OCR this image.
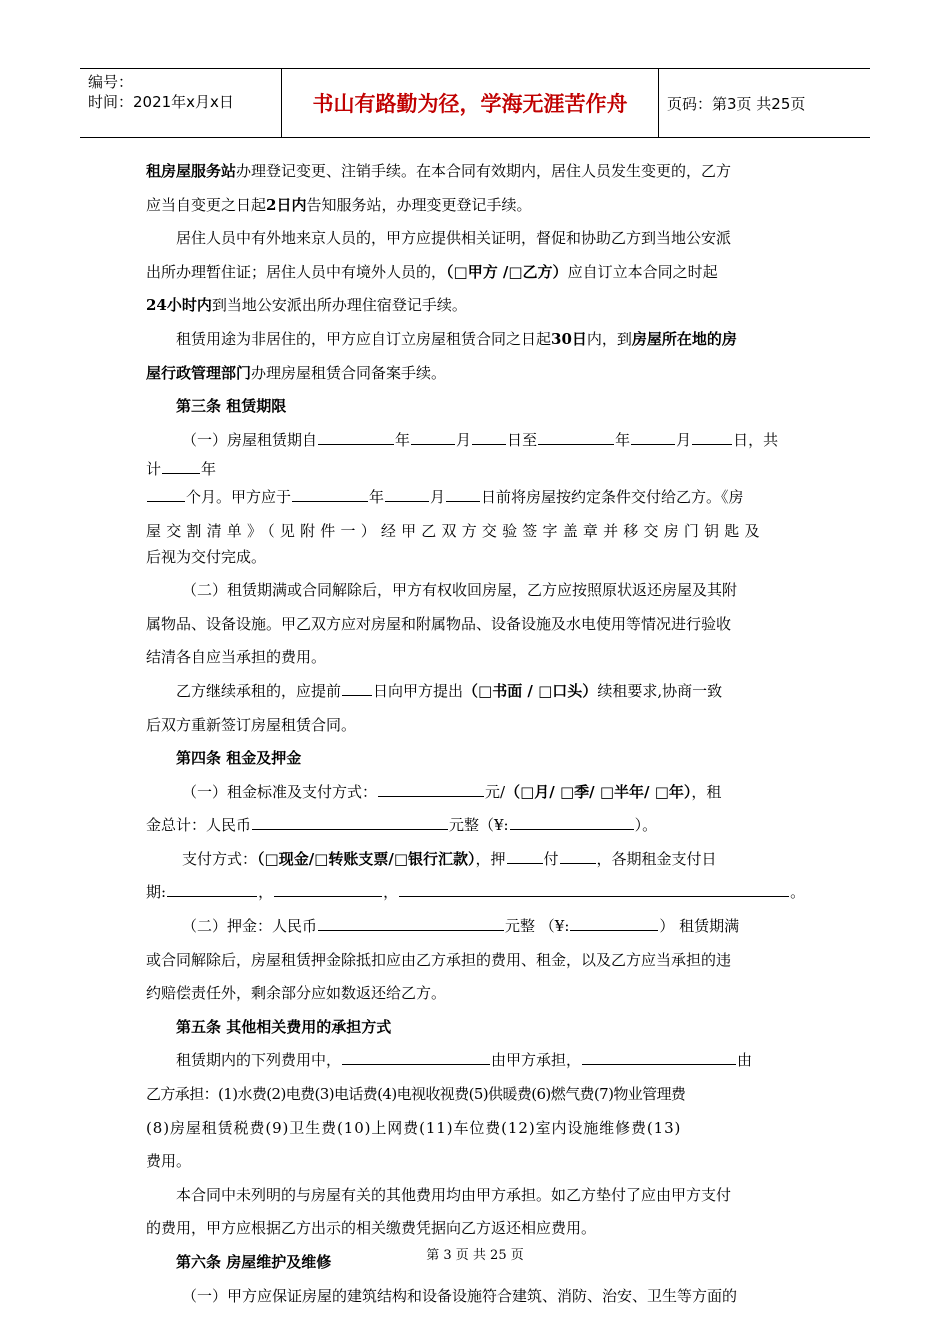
编号：
时间：2021年x月x日	书山有路勤为径，学海无涯苦作舟	页码：第3页 共25页
租房屋服务站办理登记变更、注销手续。在本合同有效期内，居住人员发生变更的，乙方
应当自变更之日起2日内告知服务站，办理变更登记手续。
居住人员中有外地来京人员的，甲方应提供相关证明，督促和协助乙方到当地公安派
出所办理暂住证；居住人员中有境外人员的，（□甲方 /□乙方）应自订立本合同之时起
24小时内到当地公安派出所办理住宿登记手续。
租赁用途为非居住的，甲方应自订立房屋租赁合同之日起30日内，到房屋所在地的房
屋行政管理部门办理房屋租赁合同备案手续。
第三条 租赁期限
（一）房屋租赁期自	年	月 日至	年	月	日，共
计	年
个月。甲方应于	年	月 日前将房屋按约定条件交付给乙方。《房
屋交割清单》（见附件一）经甲乙双方交验签字盖章并移交房门钥匙及
后视为交付完成。
（二）租赁期满或合同解除后，甲方有权收回房屋，乙方应按照原状返还房屋及其附
属物品、设备设施。甲乙双方应对房屋和附属物品、设备设施及水电使用等情况进行验收
结清各自应当承担的费用。
乙方继续承租的，应提前 日向甲方提出（□书面 / □口头）续租要求,协商一致
后双方重新签订房屋租赁合同。
第四条 租金及押金
（一）租金标准及支付方式：	元/（□月/ □季/ □半年/ □年），租
金总计：人民币	元整（¥:	）。
支付方式：（□现金/□转账支票/□银行汇款），押	付	，各期租金支付日
期:	，	，	。
（二）押金：人民币	元整 （¥:	） 租赁期满
或合同解除后，房屋租赁押金除抵扣应由乙方承担的费用、租金，以及乙方应当承担的违
约赔偿责任外，剩余部分应如数返还给乙方。
第五条 其他相关费用的承担方式
租赁期内的下列费用中，	由甲方承担，	由
乙方承担：(1)水费(2)电费(3)电话费(4)电视收视费(5)供暖费(6)燃气费(7)物业管理费
(8)房屋租赁税费(9)卫生费(10)上网费(11)车位费(12)室内设施维修费(13)
费用。
本合同中未列明的与房屋有关的其他费用均由甲方承担。如乙方垫付了应由甲方支付
的费用，甲方应根据乙方出示的相关缴费凭据向乙方返还相应费用。
第六条 房屋维护及维修
（一）甲方应保证房屋的建筑结构和设备设施符合建筑、消防、治安、卫生等方面的
第 3 页 共 25 页
